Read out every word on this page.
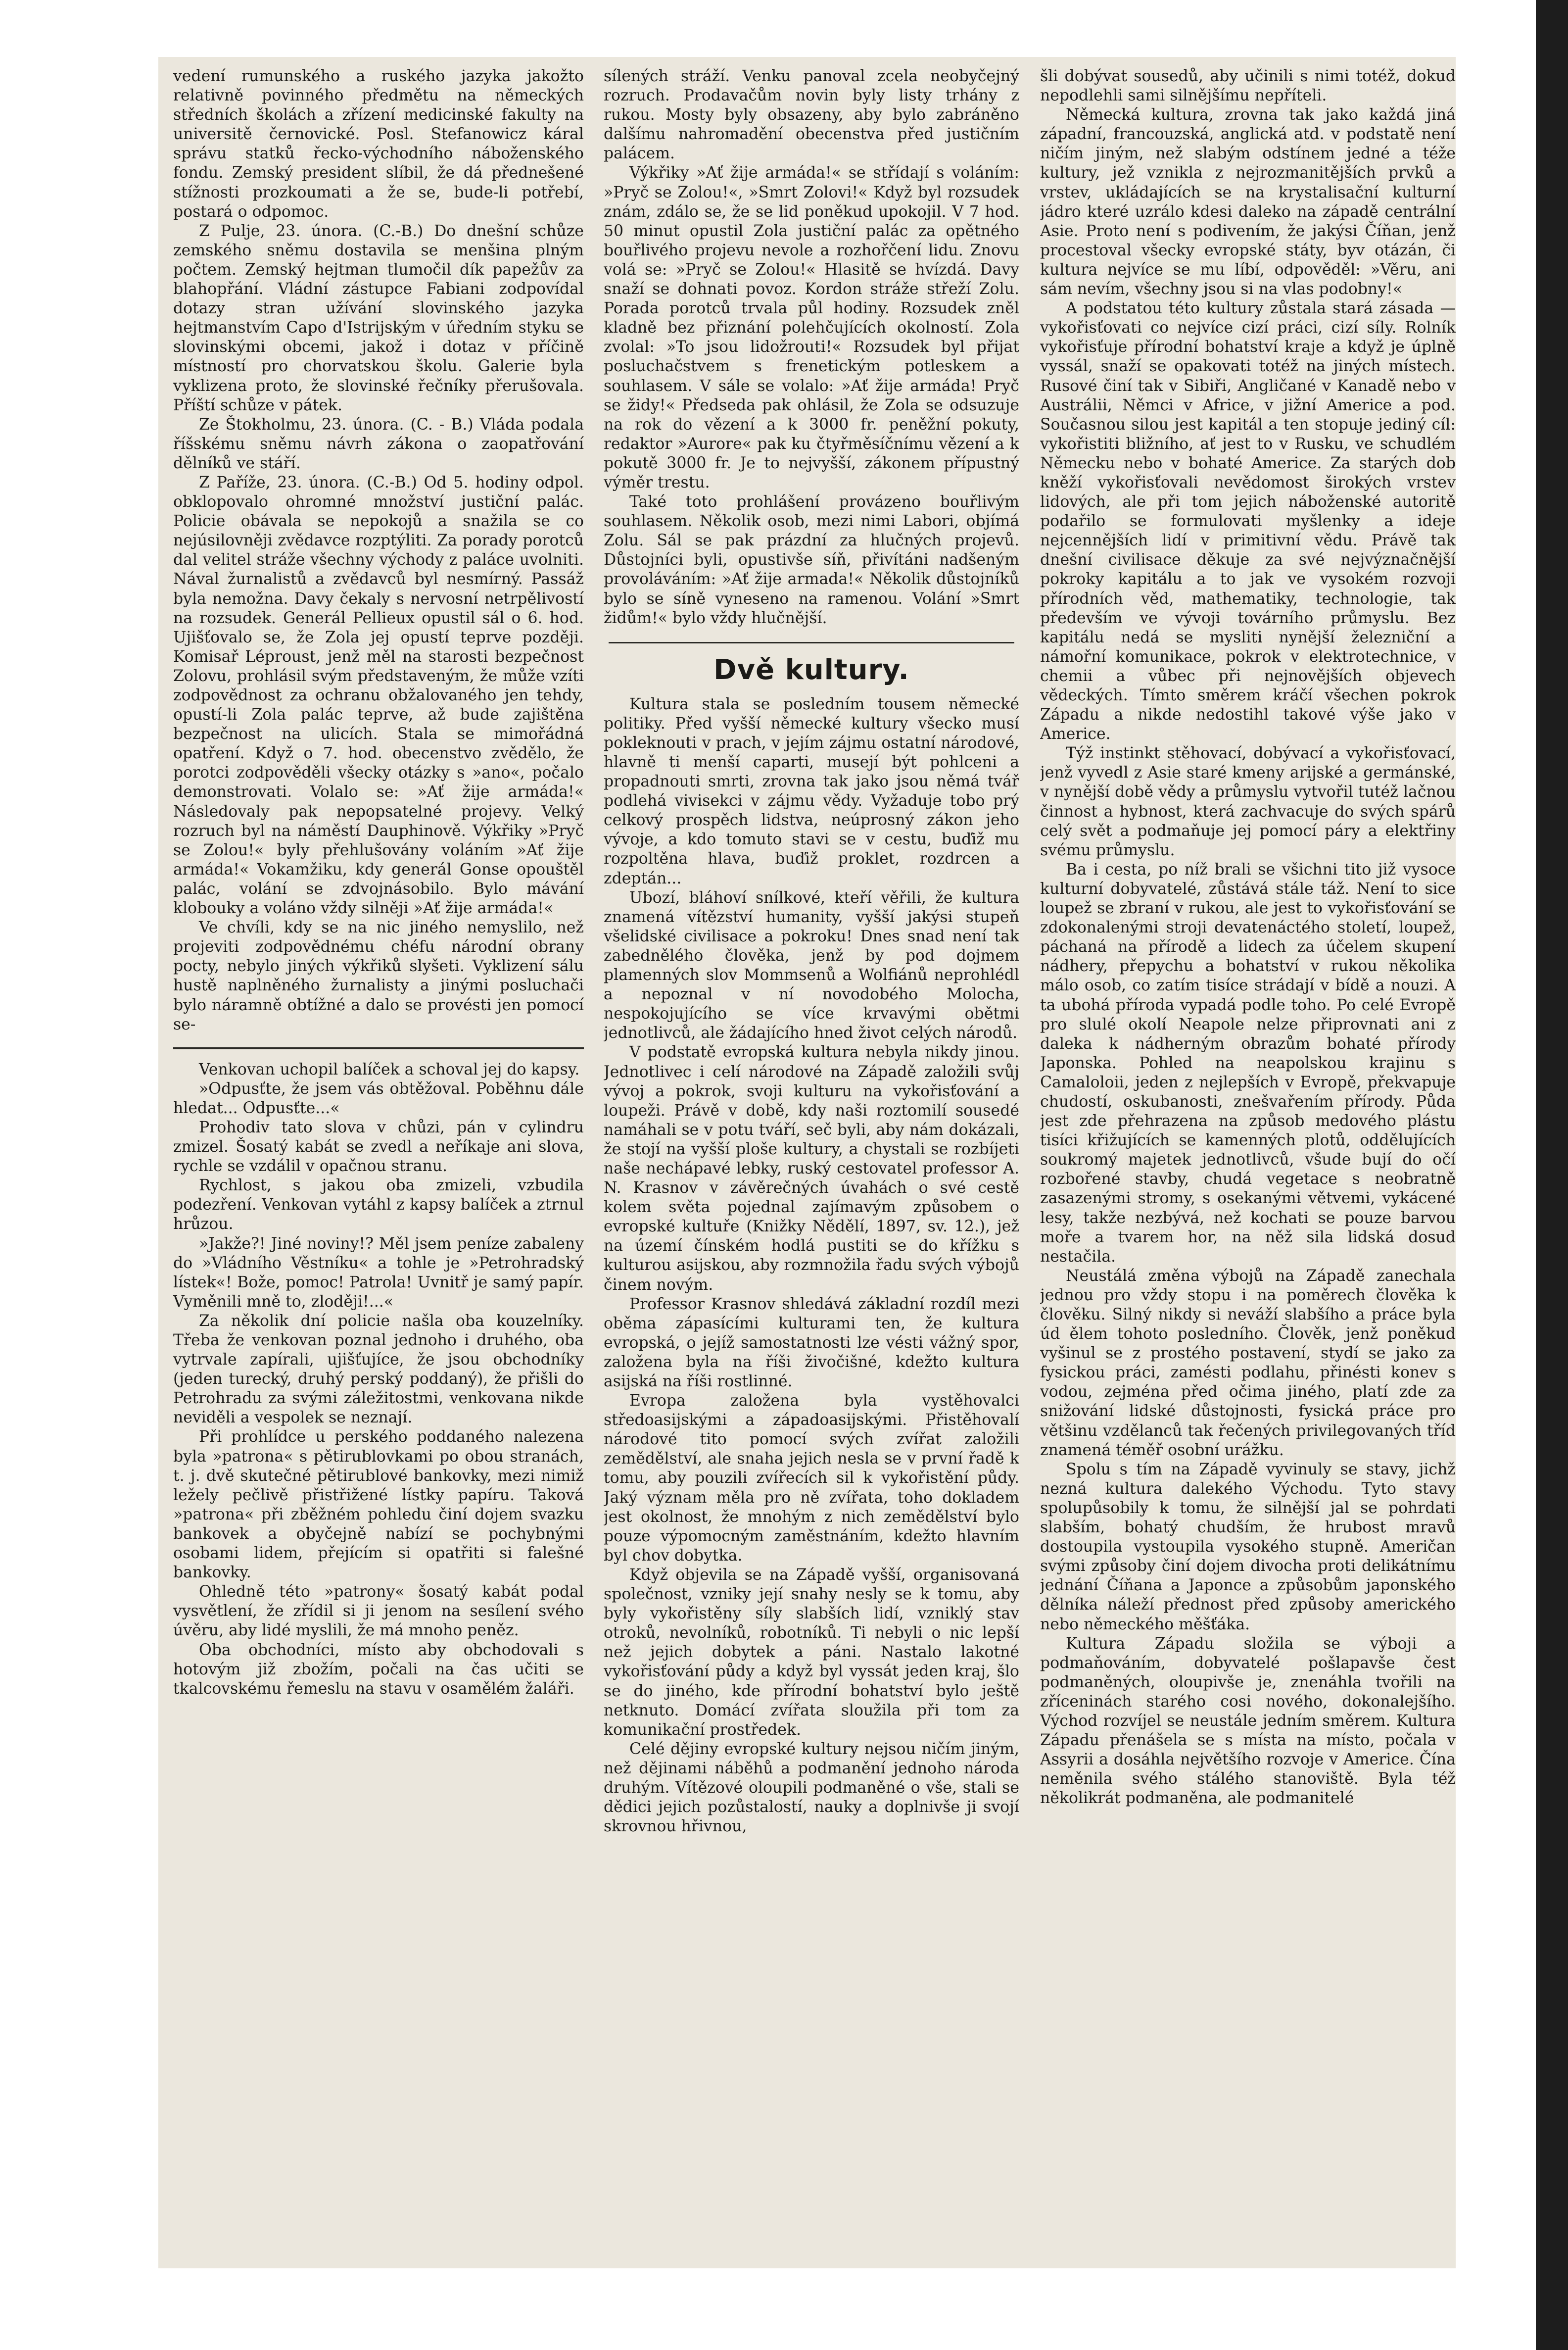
vedení rumunského a ruského jazyka jakožto relativně povinného předmětu na německých středních školách a zřízení medicinské fakulty na universitě černovické. Posl. Stefanowicz káral správu statků řecko-východního náboženského fondu. Zemský president slíbil, že dá přednešené stížnosti prozkoumati a že se, bude-li potřebí, postará o odpomoc.

Z Pulje, 23. února. (C.-B.) Do dnešní schůze zemského sněmu dostavila se menšina plným počtem. Zemský hejtman tlumočil dík papežův za blahopřání. Vládní zástupce Fabiani zodpovídal dotazy stran užívání slovinského jazyka hejtmanstvím Capo d'Istrijským v úředním styku se slovinskými obcemi, jakož i dotaz v příčině místností pro chorvatskou školu. Galerie byla vyklizena proto, že slovinské řečníky přerušovala. Příští schůze v pátek.

Ze Štokholmu, 23. února. (C. - B.) Vláda podala říšskému sněmu návrh zákona o zaopatřování dělníků ve stáří.

Z Paříže, 23. února. (C.-B.) Od 5. hodiny odpol. obklopovalo ohromné množství justiční palác. Policie obávala se nepokojů a snažila se co nejúsilovněji zvědavce rozptýliti. Za porady porotců dal velitel stráže všechny východy z paláce uvolniti. Nával žurnalistů a zvědavců byl nesmírný. Passáž byla nemožna. Davy čekaly s nervosní netrpělivostí na rozsudek. Generál Pellieux opustil sál o 6. hod. Ujišťovalo se, že Zola jej opustí teprve později. Komisař Léproust, jenž měl na starosti bezpečnost Zolovu, prohlásil svým představeným, že může vzíti zodpovědnost za ochranu obžalovaného jen tehdy, opustí-li Zola palác teprve, až bude zajištěna bezpečnost na ulicích. Stala se mimořádná opatření. Když o 7. hod. obecenstvo zvědělo, že porotci zodpověděli všecky otázky s »ano«, počalo demonstrovati. Volalo se: »Ať žije armáda!« Následovaly pak nepopsatelné projevy. Velký rozruch byl na náměstí Dauphinově. Výkřiky »Pryč se Zolou!« byly přehlušovány voláním »Ať žije armáda!« Vokamžiku, kdy generál Gonse opouštěl palác, volání se zdvojnásobilo. Bylo mávání klobouky a voláno vždy silněji »Ať žije armáda!«

Ve chvíli, kdy se na nic jiného nemyslilo, než projeviti zodpovědnému chéfu národní obrany pocty, nebylo jiných výkřiků slyšeti. Vyklizení sálu hustě naplněného žurnalisty a jinými posluchači bylo náramně obtížné a dalo se provésti jen pomocí se-

Venkovan uchopil balíček a schoval jej do kapsy.

»Odpusťte, že jsem vás obtěžoval. Poběhnu dále hledat... Odpusťte...«

Prohodiv tato slova v chůzi, pán v cylindru zmizel. Šosatý kabát se zvedl a neříkaje ani slova, rychle se vzdálil v opačnou stranu.

Rychlost, s jakou oba zmizeli, vzbudila podezření. Venkovan vytáhl z kapsy balíček a ztrnul hrůzou.

»Jakže?! Jiné noviny!? Měl jsem peníze zabaleny do »Vládního Věstníku« a tohle je »Petrohradský lístek«! Bože, pomoc! Patrola! Uvnitř je samý papír. Vyměnili mně to, zloději!...«

Za několik dní policie našla oba kouzelníky. Třeba že venkovan poznal jednoho i druhého, oba vytrvale zapírali, ujišťujíce, že jsou obchodníky (jeden turecký, druhý perský poddaný), že přišli do Petrohradu za svými záležitostmi, venkovana nikde neviděli a vespolek se neznají.

Při prohlídce u perského poddaného nalezena byla »patrona« s pětirublovkami po obou stranách, t. j. dvě skutečné pětirublové bankovky, mezi nimiž ležely pečlivě přistřižené lístky papíru. Taková »patrona« při zběžném pohledu činí dojem svazku bankovek a obyčejně nabízí se pochybnými osobami lidem, přejícím si opatřiti si falešné bankovky.

Ohledně této »patrony« šosatý kabát podal vysvětlení, že zřídil si ji jenom na sesílení svého úvěru, aby lidé myslili, že má mnoho peněz.

Oba obchodníci, místo aby obchodovali s hotovým již zbožím, počali na čas učiti se tkalcovskému řemeslu na stavu v osamělém žaláři.

sílených stráží. Venku panoval zcela neobyčejný rozruch. Prodavačům novin byly listy trhány z rukou. Mosty byly obsazeny, aby bylo zabráněno dalšímu nahromadění obecenstva před justičním palácem.

Výkřiky »Ať žije armáda!« se střídají s voláním: »Pryč se Zolou!«, »Smrt Zolovi!« Když byl rozsudek znám, zdálo se, že se lid poněkud upokojil. V 7 hod. 50 minut opustil Zola justiční palác za opětného bouřlivého projevu nevole a rozhořčení lidu. Znovu volá se: »Pryč se Zolou!« Hlasitě se hvízdá. Davy snaží se dohnati povoz. Kordon stráže střeží Zolu. Porada porotců trvala půl hodiny. Rozsudek zněl kladně bez přiznání polehčujících okolností. Zola zvolal: »To jsou lidožrouti!« Rozsudek byl přijat posluchačstvem s frenetickým potleskem a souhlasem. V sále se volalo: »Ať žije armáda! Pryč se židy!« Předseda pak ohlásil, že Zola se odsuzuje na rok do vězení a k 3000 fr. peněžní pokuty, redaktor »Aurore« pak ku čtyřměsíčnímu vězení a k pokutě 3000 fr. Je to nejvyšší, zákonem přípustný výměr trestu.

Také toto prohlášení provázeno bouřlivým souhlasem. Několik osob, mezi nimi Labori, objímá Zolu. Sál se pak prázdní za hlučných projevů. Důstojníci byli, opustivše síň, přivítáni nadšeným provoláváním: »Ať žije armada!« Několik důstojníků bylo se síně vyneseno na ramenou. Volání »Smrt židům!« bylo vždy hlučnější.

Dvě kultury.

Kultura stala se posledním tousem německé politiky. Před vyšší německé kultury všecko musí pokleknouti v prach, v jejím zájmu ostatní národové, hlavně ti menší caparti, musejí být pohlceni a propadnouti smrti, zrovna tak jako jsou němá tvář podlehá vivisekci v zájmu vědy. Vyžaduje tobo prý celkový prospěch lidstva, neúprosný zákon jeho vývoje, a kdo tomuto stavi se v cestu, buďiž mu rozpoltěna hlava, buďiž proklet, rozdrcen a zdeptán...

Ubozí, bláhoví snílkové, kteří věřili, že kultura znamená vítězství humanity, vyšší jakýsi stupeň všelidské civilisace a pokroku! Dnes snad není tak zabednělého člověka, jenž by pod dojmem plamenných slov Mommsenů a Wolfiánů neprohlédl a nepoznal v ní novodobého Molocha, nespokojujícího se více krvavými obětmi jednotlivců, ale žádajícího hned život celých národů.

V podstatě evropská kultura nebyla nikdy jinou. Jednotlivec i celí národové na Západě založili svůj vývoj a pokrok, svoji kulturu na vykořisťování a loupeži. Právě v době, kdy naši roztomilí sousedé namáhali se v potu tváří, seč byli, aby nám dokázali, že stojí na vyšší ploše kultury, a chystali se rozbíjeti naše nechápavé lebky, ruský cestovatel professor A. N. Krasnov v závěrečných úvahách o své cestě kolem světa pojednal zajímavým způsobem o evropské kultuře (Knižky Nědělí, 1897, sv. 12.), jež na území čínském hodlá pustiti se do křížku s kulturou asijskou, aby rozmnožila řadu svých výbojů činem novým.

Professor Krasnov shledává základní rozdíl mezi oběma zápasícími kulturami ten, že kultura evropská, o jejíž samostatnosti lze vésti vážný spor, založena byla na říši živočišné, kdežto kultura asijská na říši rostlinné.

Evropa založena byla vystěhovalci středoasijskými a západoasijskými. Přistěhovalí národové tito pomocí svých zvířat založili zemědělství, ale snaha jejich nesla se v první řadě k tomu, aby pouzili zvířecích sil k vykořistění půdy. Jaký význam měla pro ně zvířata, toho dokladem jest okolnost, že mnohým z nich zemědělství bylo pouze výpomocným zaměstnáním, kdežto hlavním byl chov dobytka.

Když objevila se na Západě vyšší, organisovaná společnost, vzniky její snahy nesly se k tomu, aby byly vykořistěny síly slabších lidí, vzniklý stav otroků, nevolníků, robotníků. Ti nebyli o nic lepší než jejich dobytek a páni. Nastalo lakotné vykořisťování půdy a když byl vyssát jeden kraj, šlo se do jiného, kde přírodní bohatství bylo ještě netknuto. Domácí zvířata sloužila při tom za komunikační prostředek.

Celé dějiny evropské kultury nejsou ničím jiným, než dějinami náběhů a podmanění jednoho národa druhým. Vítězové oloupili podmaněné o vše, stali se dědici jejich pozůstalostí, nauky a doplnivše ji svojí skrovnou hřivnou,

šli dobývat sousedů, aby učinili s nimi totéž, dokud nepodlehli sami silnějšímu nepříteli.

Německá kultura, zrovna tak jako každá jiná západní, francouzská, anglická atd. v podstatě není ničím jiným, než slabým odstínem jedné a téže kultury, jež vznikla z nejrozmanitějších prvků a vrstev, ukládajících se na krystalisační kulturní jádro které uzrálo kdesi daleko na západě centrální Asie. Proto není s podivením, že jakýsi Číňan, jenž procestoval všecky evropské státy, byv otázán, či kultura nejvíce se mu líbí, odpověděl: »Věru, ani sám nevím, všechny jsou si na vlas podobny!«

A podstatou této kultury zůstala stará zásada — vykořisťovati co nejvíce cizí práci, cizí síly. Rolník vykořisťuje přírodní bohatství kraje a když je úplně vyssál, snaží se opakovati totéž na jiných místech. Rusové činí tak v Sibiři, Angličané v Kanadě nebo v Austrálii, Němci v Africe, v jižní Americe a pod. Současnou silou jest kapitál a ten stopuje jediný cíl: vykořistiti bližního, ať jest to v Rusku, ve schudlém Německu nebo v bohaté Americe. Za starých dob kněží vykořisťovali nevědomost širokých vrstev lidových, ale při tom jejich náboženské autoritě podařilo se formulovati myšlenky a ideje nejcennějších lidí v primitivní vědu. Právě tak dnešní civilisace děkuje za své nejvýznačnější pokroky kapitálu a to jak ve vysokém rozvoji přírodních věd, mathematiky, technologie, tak především ve vývoji továrního průmyslu. Bez kapitálu nedá se mysliti nynější železniční a námořní komunikace, pokrok v elektrotechnice, v chemii a vůbec při nejnovějších objevech vědeckých. Tímto směrem kráčí všechen pokrok Západu a nikde nedostihl takové výše jako v Americe.

Týž instinkt stěhovací, dobývací a vykořisťovací, jenž vyvedl z Asie staré kmeny arijské a germánské, v nynější době vědy a průmyslu vytvořil tutéž lačnou činnost a hybnost, která zachvacuje do svých spárů celý svět a podmaňuje jej pomocí páry a elektřiny svému průmyslu.

Ba i cesta, po níž brali se všichni tito již vysoce kulturní dobyvatelé, zůstává stále táž. Není to sice loupež se zbraní v rukou, ale jest to vykořisťování se zdokonalenými stroji devatenáctého století, loupež, páchaná na přírodě a lidech za účelem skupení nádhery, přepychu a bohatství v rukou několika málo osob, co zatím tisíce strádají v bídě a nouzi. A ta ubohá příroda vypadá podle toho. Po celé Evropě pro slulé okolí Neapole nelze připrovnati ani z daleka k nádherným obrazům bohaté přírody Japonska. Pohled na neapolskou krajinu s Camaloloii, jeden z nejlepších v Evropě, překvapuje chudostí, oskubanosti, znešvařením přírody. Půda jest zde přehrazena na způsob medového plástu tisíci křižujících se kamenných plotů, oddělujících soukromý majetek jednotlivců, všude bují do očí rozbořené stavby, chudá vegetace s neobratně zasazenými stromy, s osekanými větvemi, vykácené lesy, takže nezbývá, než kochati se pouze barvou moře a tvarem hor, na něž sila lidská dosud nestačila.

Neustálá změna výbojů na Západě zanechala jednou pro vždy stopu i na poměrech člověka k člověku. Silný nikdy si neváží slabšího a práce byla úd ělem tohoto posledního. Člověk, jenž poněkud vyšinul se z prostého postavení, stydí se jako za fysickou práci, zamésti podlahu, přinésti konev s vodou, zejména před očima jiného, platí zde za snižování lidské důstojnosti, fysická práce pro většinu vzdělanců tak řečených privilegovaných tříd znamená téměř osobní urážku.

Spolu s tím na Západě vyvinuly se stavy, jichž nezná kultura dalekého Východu. Tyto stavy spolupůsobily k tomu, že silnější jal se pohrdati slabším, bohatý chudším, že hrubost mravů dostoupila vystoupila vysokého stupně. Američan svými způsoby činí dojem divocha proti delikátnímu jednání Číňana a Japonce a způsobům japonského dělníka náleží přednost před způsoby amerického nebo německého měšťáka.

Kultura Západu složila se výboji a podmaňováním, dobyvatelé pošlapavše čest podmaněných, oloupivše je, znenáhla tvořili na zříceninách starého cosi nového, dokonalejšího. Východ rozvíjel se neustále jedním směrem. Kultura Západu přenášela se s místa na místo, počala v Assyrii a dosáhla největšího rozvoje v Americe. Čína neměnila svého stálého stanoviště. Byla též několikrát podmaněna, ale podmanitelé
